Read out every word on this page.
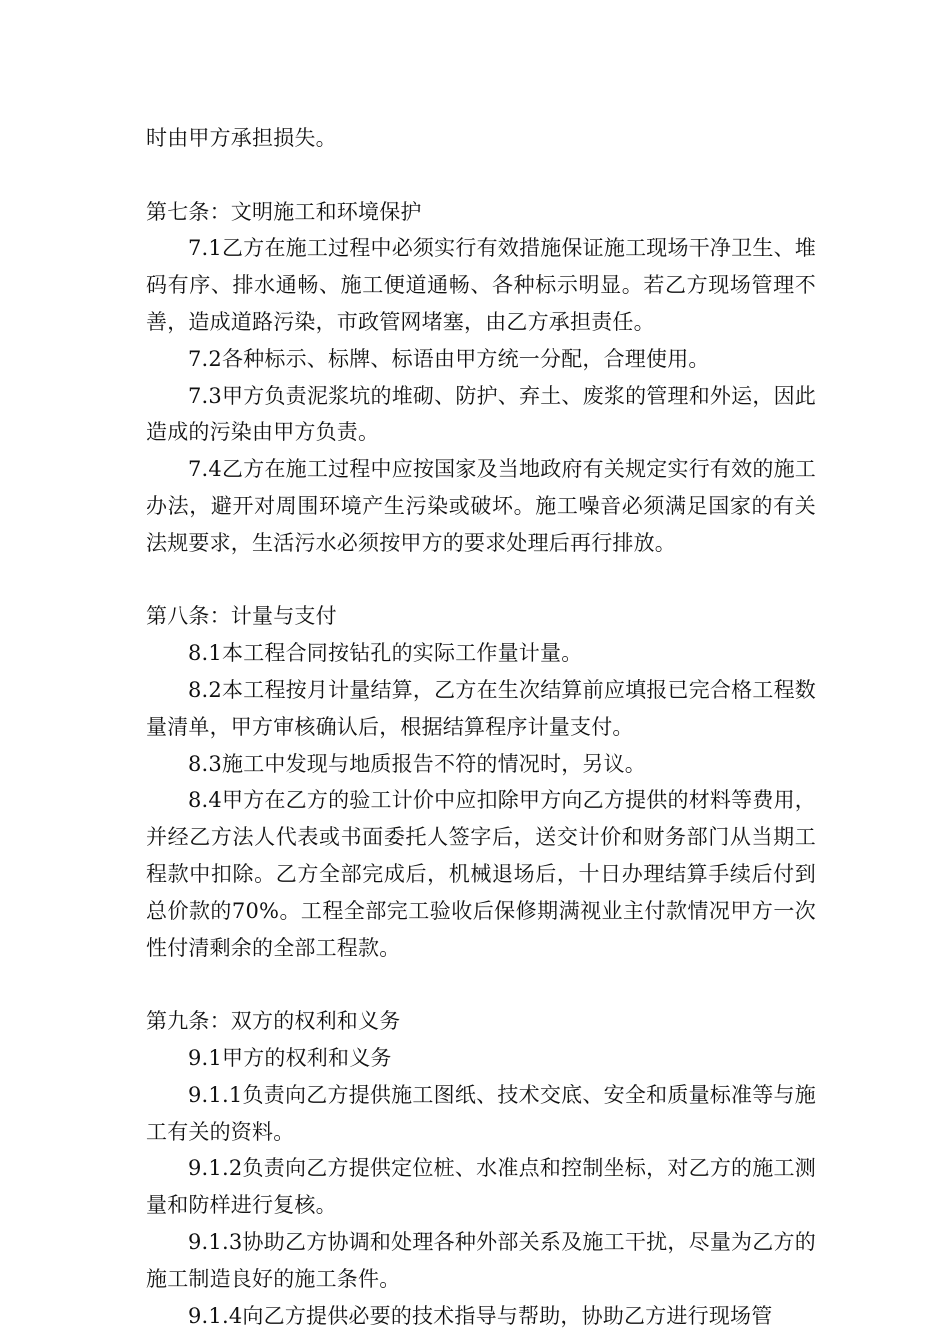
时由甲方承担损失。

第七条：文明施工和环境保护

7.1乙方在施工过程中必须实行有效措施保证施工现场干净卫生、堆码有序、排水通畅、施工便道通畅、各种标示明显。若乙方现场管理不善，造成道路污染，市政管网堵塞，由乙方承担责任。

7.2各种标示、标牌、标语由甲方统一分配，合理使用。

7.3甲方负责泥浆坑的堆砌、防护、弃土、废浆的管理和外运，因此造成的污染由甲方负责。

7.4乙方在施工过程中应按国家及当地政府有关规定实行有效的施工办法，避开对周围环境产生污染或破坏。施工噪音必须满足国家的有关法规要求，生活污水必须按甲方的要求处理后再行排放。

第八条：计量与支付

8.1本工程合同按钻孔的实际工作量计量。

8.2本工程按月计量结算，乙方在生次结算前应填报已完合格工程数量清单，甲方审核确认后，根据结算程序计量支付。

8.3施工中发现与地质报告不符的情况时，另议。

8.4甲方在乙方的验工计价中应扣除甲方向乙方提供的材料等费用，并经乙方法人代表或书面委托人签字后，送交计价和财务部门从当期工程款中扣除。乙方全部完成后，机械退场后，十日办理结算手续后付到总价款的70%。工程全部完工验收后保修期满视业主付款情况甲方一次性付清剩余的全部工程款。

第九条：双方的权利和义务

9.1甲方的权利和义务

9.1.1负责向乙方提供施工图纸、技术交底、安全和质量标准等与施工有关的资料。

9.1.2负责向乙方提供定位桩、水准点和控制坐标，对乙方的施工测量和防样进行复核。

9.1.3协助乙方协调和处理各种外部关系及施工干扰，尽量为乙方的施工制造良好的施工条件。

9.1.4向乙方提供必要的技术指导与帮助，协助乙方进行现场管
